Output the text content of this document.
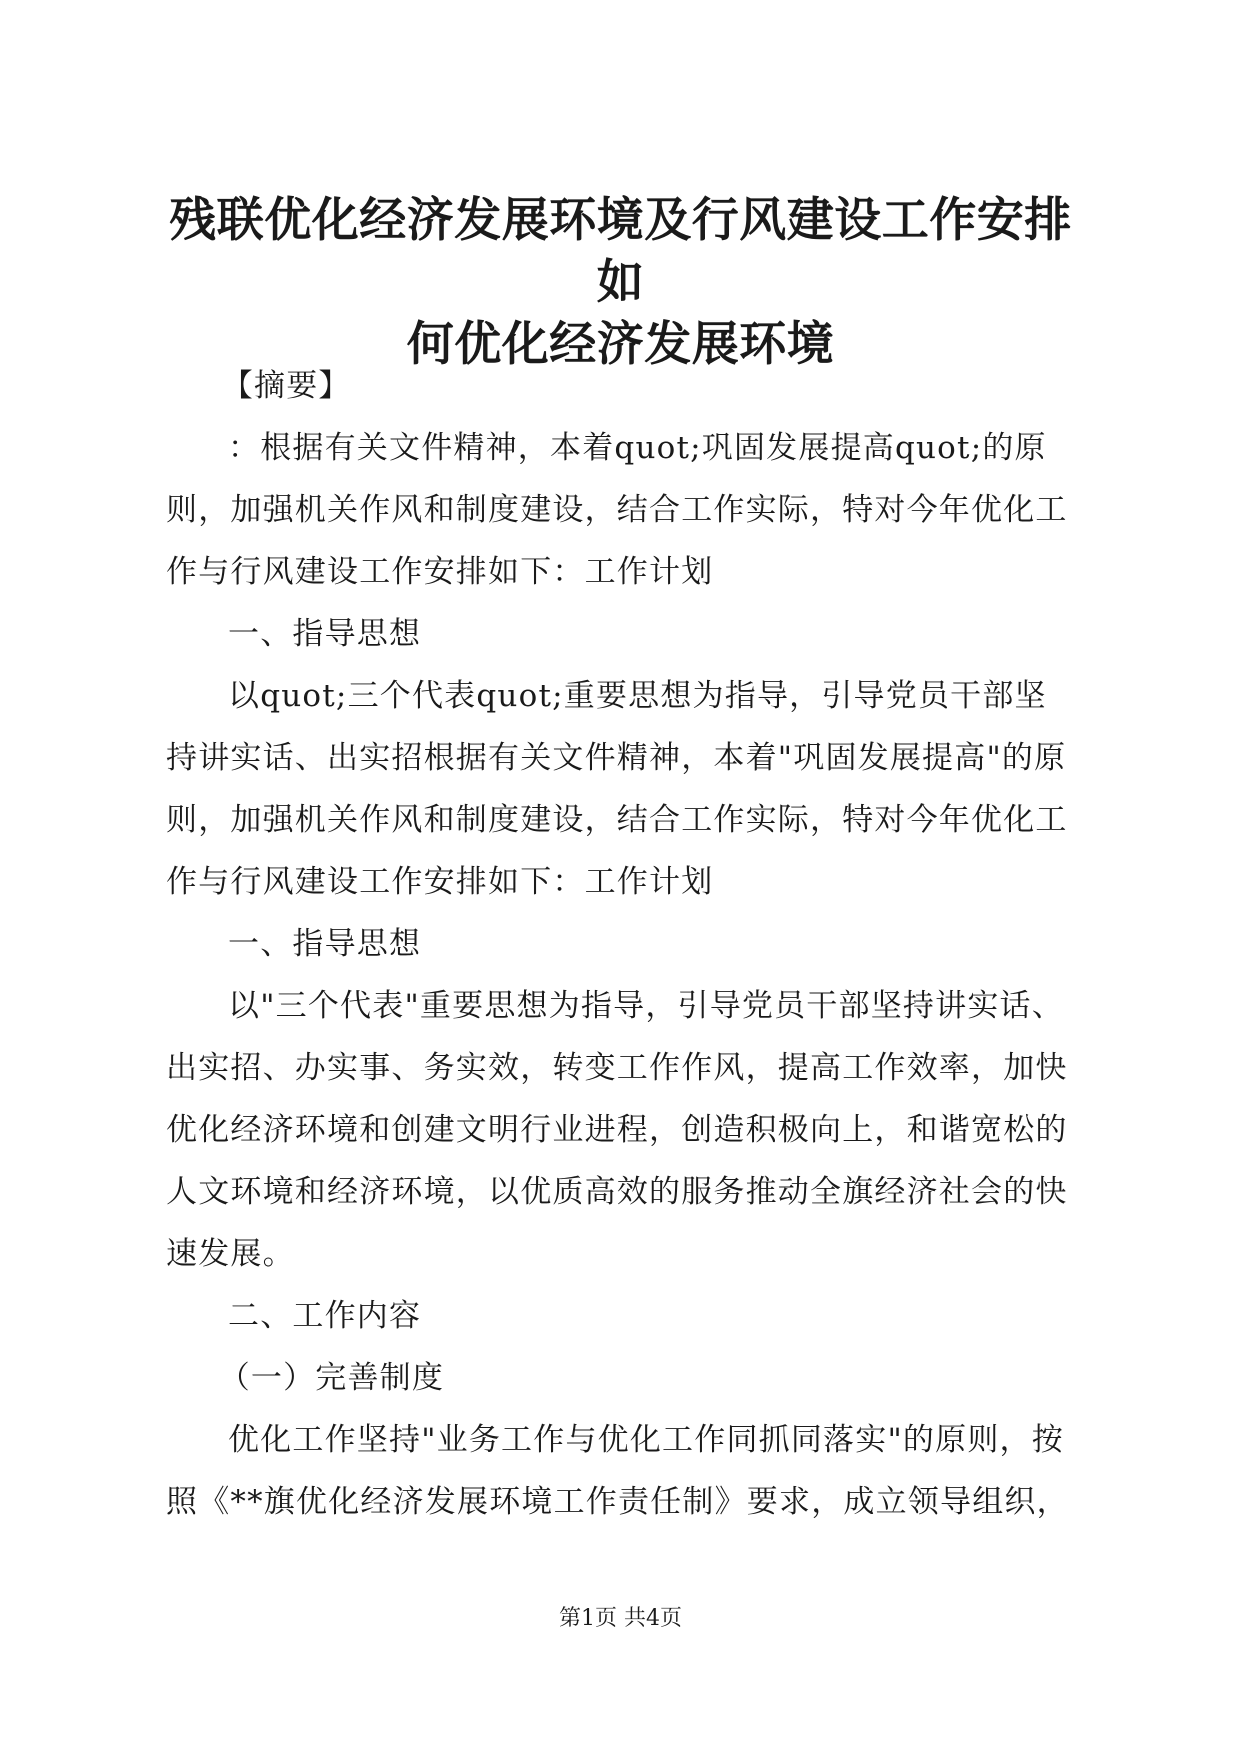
残联优化经济发展环境及行风建设工作安排如
何优化经济发展环境

【摘要】

：根据有关文件精神，本着quot;巩固发展提高quot;的原则，加强机关作风和制度建设，结合工作实际，特对今年优化工作与行风建设工作安排如下：工作计划

一、指导思想

以quot;三个代表quot;重要思想为指导，引导党员干部坚持讲实话、出实招根据有关文件精神，本着"巩固发展提高"的原则，加强机关作风和制度建设，结合工作实际，特对今年优化工作与行风建设工作安排如下：工作计划

一、指导思想

以"三个代表"重要思想为指导，引导党员干部坚持讲实话、出实招、办实事、务实效，转变工作作风，提高工作效率，加快优化经济环境和创建文明行业进程，创造积极向上，和谐宽松的人文环境和经济环境，以优质高效的服务推动全旗经济社会的快速发展。

二、工作内容

（一）完善制度

优化工作坚持"业务工作与优化工作同抓同落实"的原则，按照《**旗优化经济发展环境工作责任制》要求，成立领导组织，

第1页 共4页
